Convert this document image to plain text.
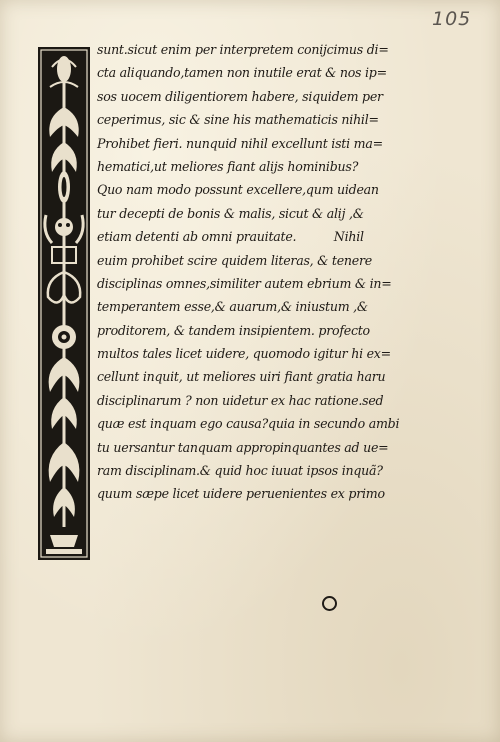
105
sunt.sicut enim per interpretem conijcimus di=
cta aliquando,tamen non inutile erat & nos ip=
sos uocem diligentiorem habere, siquidem per
ceperimus, sic & sine his mathematicis nihil=
Prohibet fieri. nunquid nihil excellunt isti ma=
hematici,ut meliores fiant alijs hominibus?
Quo nam modo possunt excellere,qum uidean
tur decepti de bonis & malis, sicut & alij ,&
etiam detenti ab omni prauitate.          Nihil
euim prohibet scire quidem literas, & tenere
disciplinas omnes,similiter autem ebrium & in=
temperantem esse,& auarum,& iniustum ,&
proditorem, & tandem insipientem. profecto
multos tales licet uidere, quomodo igitur hi ex=
cellunt inquit, ut meliores uiri fiant gratia haru
disciplinarum ? non uidetur ex hac ratione.sed
quæ est inquam ego causa?quia in secundo ambi
tu uersantur tanquam appropinquantes ad ue=
ram disciplinam.& quid hoc iuuat ipsos inquã?
quum sæpe licet uidere peruenientes ex primo
